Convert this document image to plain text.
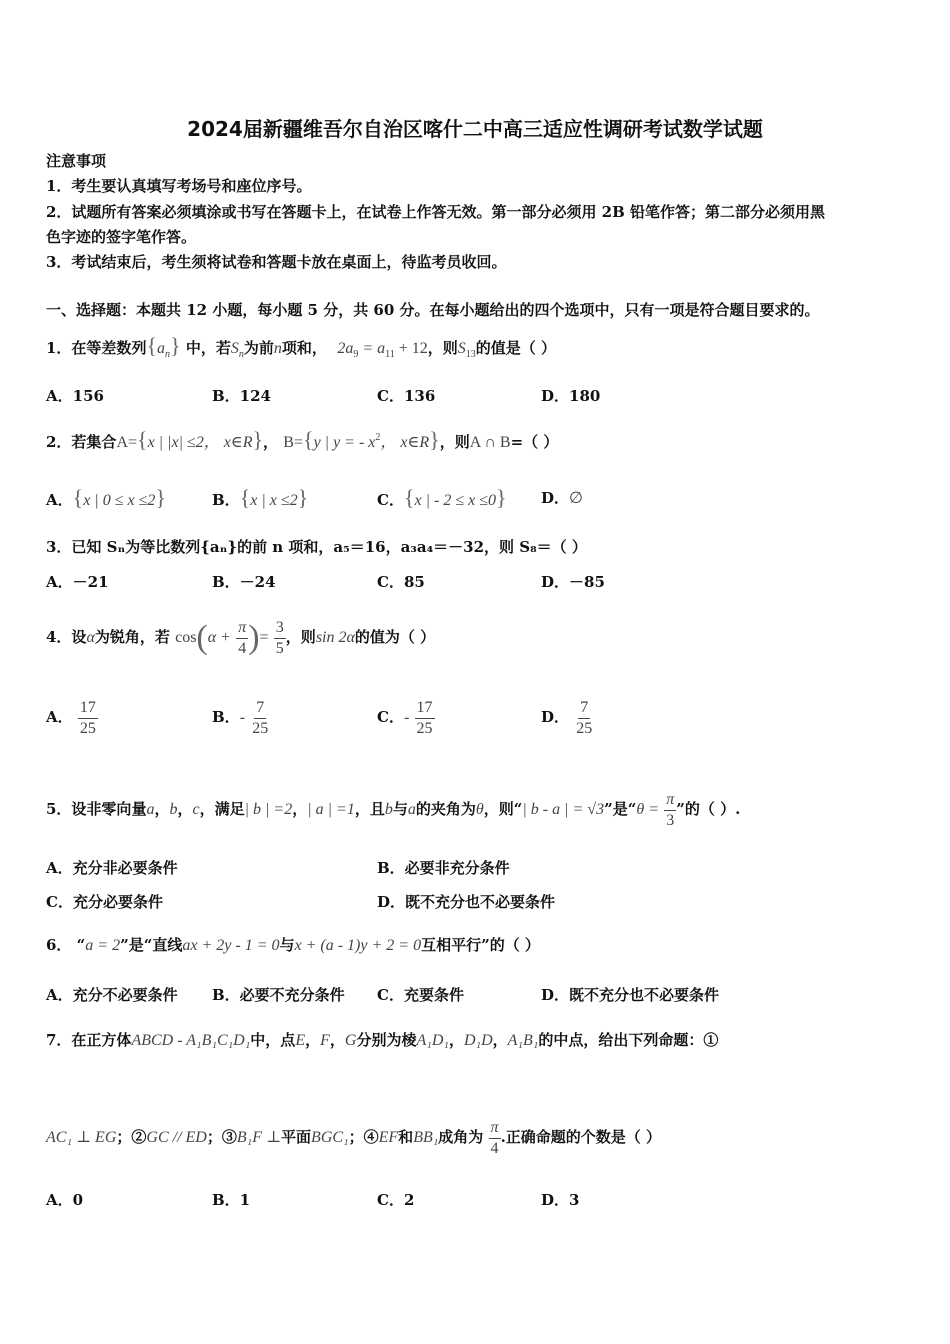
2024届新疆维吾尔自治区喀什二中高三适应性调研考试数学试题
注意事项
1．考生要认真填写考场号和座位序号。
2．试题所有答案必须填涂或书写在答题卡上，在试卷上作答无效。第一部分必须用 2B 铅笔作答；第二部分必须用黑
色字迹的签字笔作答。
3．考试结束后，考生须将试卷和答题卡放在桌面上，待监考员收回。
一、选择题：本题共 12 小题，每小题 5 分，共 60 分。在每小题给出的四个选项中，只有一项是符合题目要求的。
1．在等差数列$\{a_n\}$ 中，若$S_n$为前n项和， $2a_9 = a_{11} + 12$，则$S_{13}$的值是（ ）
A．156	B．124	C．136	D．180
2．若集合A={x | |x| ≤2， x∈R}， B={y | y = - $x^2$， x∈R}，则A ∩ B=（ ）
A．{x | 0 ≤ x ≤2}	B．{x | x ≤2}	C．{x | - 2 ≤ x ≤0} D．∅
3．已知 Sₙ为等比数列{aₙ}的前 n 项和，a₅＝16，a₃a₄＝－32，则 S₈＝（ ）
A．－21	B．－24	C．85	D．－85
4．设α为锐角，若 $\cos(\alpha + \frac{\pi}{4}$ )= $\frac{3}{5}$ ，则sin 2α的值为（ ）
A． $\frac{17}{25}$	B．- $\frac{7}{25}$	C．- $\frac{17}{25}$	D． $\frac{7}{25}$
5．设非零向量a，b，c，满足| b | =2，| a | =1，且b与a的夹角为θ，则“| b - a | = √3”是“$\theta = \frac{\pi}{3}$ ”的（ ）.
A．充分非必要条件	B．必要非充分条件
C．充分必要条件	D．既不充分也不必要条件
6． “a = 2”是“直线ax + 2y - 1 = 0与x + (a - 1)y + 2 = 0互相平行”的（ ）
A．充分不必要条件 B．必要不充分条件 C．充要条件	D．既不充分也不必要条件
7．在正方体ABCD - A₁B₁C₁D₁中，点E，F，G分别为棱A₁D₁，D₁D，A₁B₁的中点，给出下列命题：①
AC₁ ⊥ EG；②GC // ED；③B₁F ⊥平面BGC₁；④EF和BB₁成角为 $\frac{\pi}{4}$ .正确命题的个数是（ ）
A．0	B．1	C．2	D．3
